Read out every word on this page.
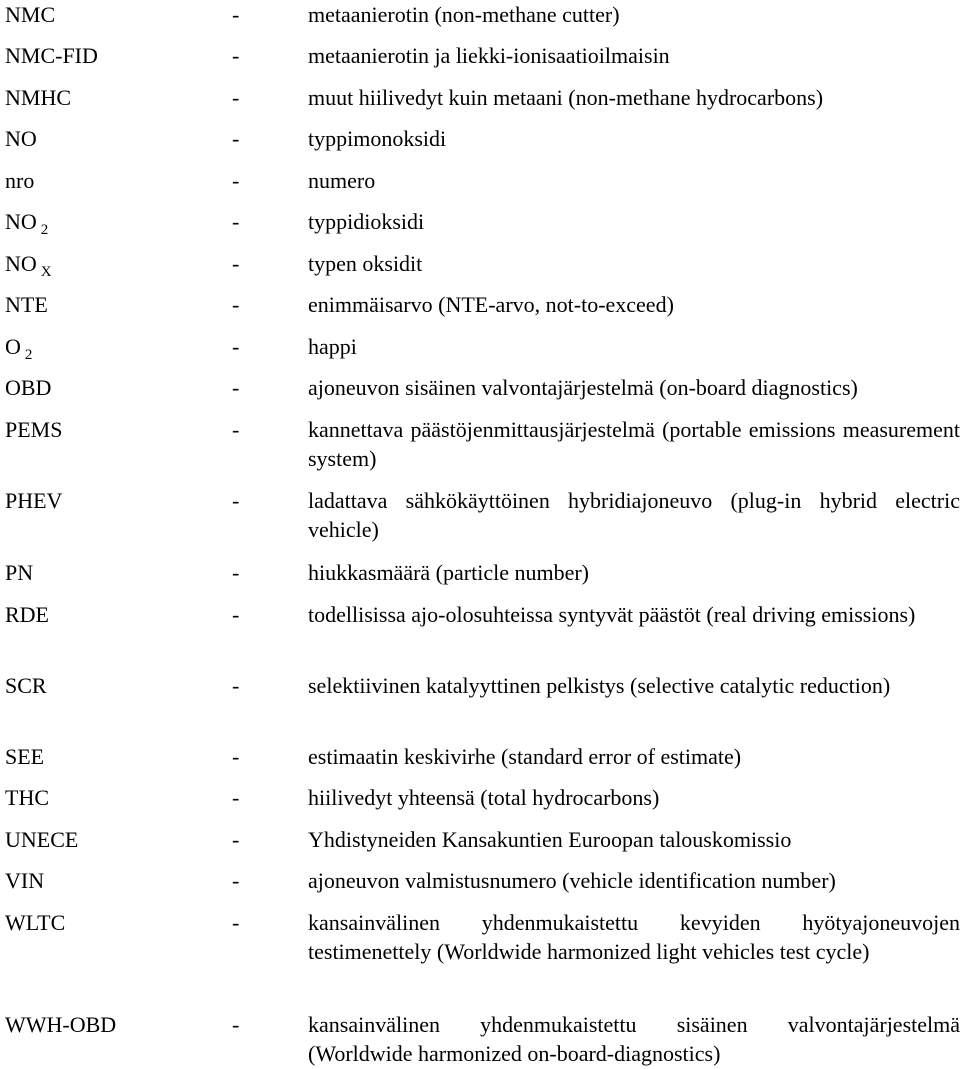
NMC	-	metaanierotin (non-methane cutter)
NMC-FID	-	metaanierotin ja liekki-ionisaatioilmaisin
NMHC	-	muut hiilivedyt kuin metaani (non-methane hydrocarbons)
NO	-	typpimonoksidi
nro	-	numero
NO $_2$	-	typpidioksidi
NO $_X$	-	typen oksidit
NTE	-	enimmäisarvo (NTE-arvo, not-to-exceed)
O $_2$	-	happi
OBD	-	ajoneuvon sisäinen valvontajärjestelmä (on-board diagnostics)
PEMS	-	kannettava päästöjenmittausjärjestelmä (portable emissions measurement system)
PHEV	-	ladattava sähkökäyttöinen hybridiajoneuvo (plug-in hybrid electric vehicle)
PN	-	hiukkasmäärä (particle number)
RDE	-	todellisissa ajo-olosuhteissa syntyvät päästöt (real driving emissions)
SCR	-	selektiivinen katalyyttinen pelkistys (selective catalytic reduction)
SEE	-	estimaatin keskivirhe (standard error of estimate)
THC	-	hiilivedyt yhteensä (total hydrocarbons)
UNECE	-	Yhdistyneiden Kansakuntien Euroopan talouskomissio
VIN	-	ajoneuvon valmistusnumero (vehicle identification number)
WLTC	-	kansainvälinen yhdenmukaistettu kevyiden hyötyajoneuvojen testimenettely (Worldwide harmonized light vehicles test cycle)
WWH-OBD	-	kansainvälinen yhdenmukaistettu sisäinen valvontajärjestelmä (Worldwide harmonized on-board-diagnostics)
